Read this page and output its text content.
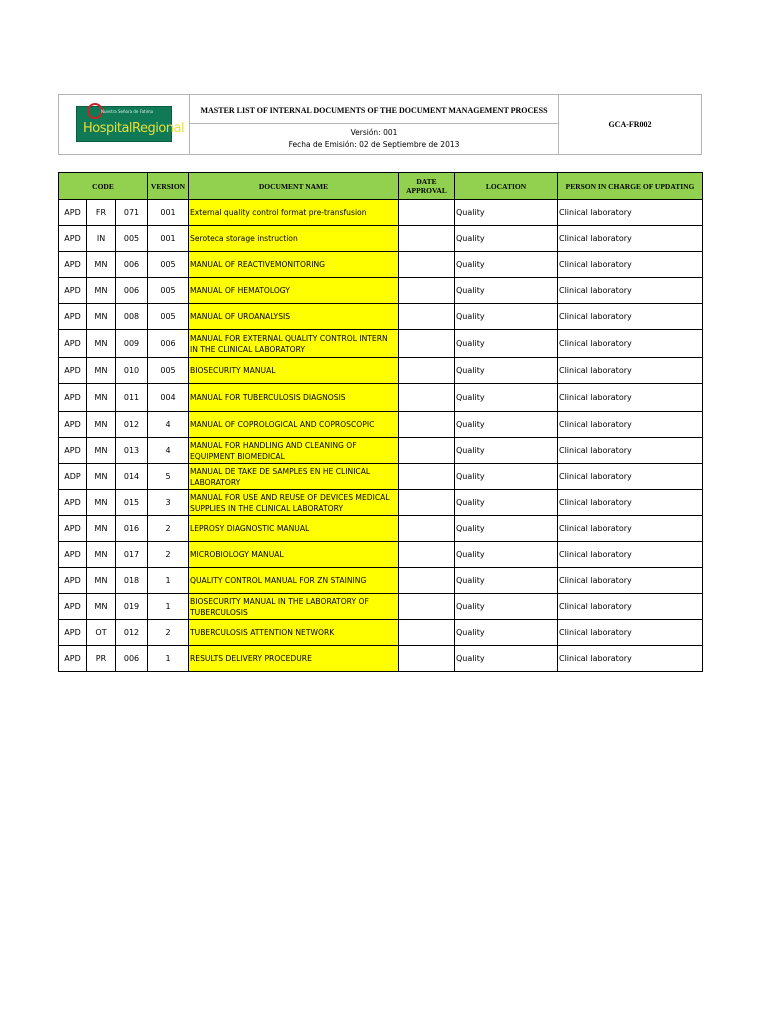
Nuestra Señora de Fatima
HospitalRegional

MASTER LIST OF INTERNAL DOCUMENTS OF THE DOCUMENT MANAGEMENT PROCESS
Versión: 001
Fecha de Emisión: 02 de Septiembre de 2013
	GCA-FR002
CODE			VERSION	DOCUMENT NAME	DATE APPROVAL	LOCATION	PERSON IN CHARGE OF UPDATING
APD	FR	071	001	External quality control format pre-transfusion		Quality	Clinical laboratory
APD	IN	005	001	Seroteca storage instruction		Quality	Clinical laboratory
APD	MN	006	005	MANUAL OF REACTIVEMONITORING		Quality	Clinical laboratory
APD	MN	006	005	MANUAL OF HEMATOLOGY		Quality	Clinical laboratory
APD	MN	008	005	MANUAL OF UROANALYSIS		Quality	Clinical laboratory
APD	MN	009	006	MANUAL FOR EXTERNAL QUALITY CONTROL INTERN IN THE CLINICAL LABORATORY		Quality	Clinical laboratory
APD	MN	010	005	BIOSECURITY MANUAL		Quality	Clinical laboratory
APD	MN	011	004	MANUAL FOR TUBERCULOSIS DIAGNOSIS		Quality	Clinical laboratory
APD	MN	012	4	MANUAL OF COPROLOGICAL AND COPROSCOPIC		Quality	Clinical laboratory
APD	MN	013	4	MANUAL FOR HANDLING AND CLEANING OF EQUIPMENT BIOMEDICAL		Quality	Clinical laboratory
ADP	MN	014	5	MANUAL DE TAKE DE SAMPLES EN HE CLINICAL LABORATORY		Quality	Clinical laboratory
APD	MN	015	3	MANUAL FOR USE AND REUSE OF DEVICES MEDICAL SUPPLIES IN THE CLINICAL LABORATORY		Quality	Clinical laboratory
APD	MN	016	2	LEPROSY DIAGNOSTIC MANUAL		Quality	Clinical laboratory
APD	MN	017	2	MICROBIOLOGY MANUAL		Quality	Clinical laboratory
APD	MN	018	1	QUALITY CONTROL MANUAL FOR ZN STAINING		Quality	Clinical laboratory
APD	MN	019	1	BIOSECURITY MANUAL IN THE LABORATORY OF TUBERCULOSIS		Quality	Clinical laboratory
APD	OT	012	2	TUBERCULOSIS ATTENTION NETWORK		Quality	Clinical laboratory
APD	PR	006	1	RESULTS DELIVERY PROCEDURE		Quality	Clinical laboratory
